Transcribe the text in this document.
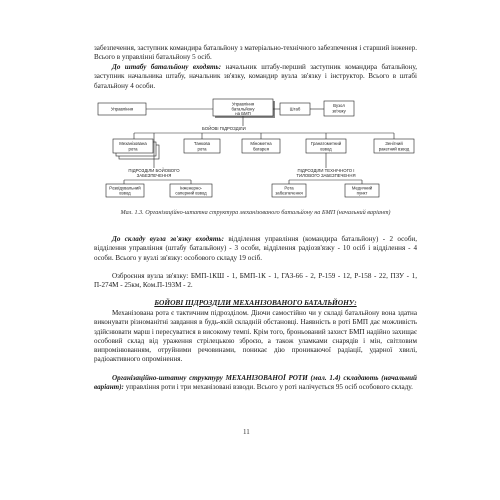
забезпечення, заступник командира батальйону з матеріально-технічного забезпечення і старший інженер. Всього в управлінні батальйону 5 осіб.

До штабу батальйону входять: начальник штабу-перший заступник командира батальйону, заступник начальника штабу, начальник зв'язку, командир вузла зв'язку і інструктор. Всього в штабі батальйону 4 особи.

Управління
Управління
батальйону
на БМП
Штаб
Вузол
зв'язку
БОЙОВІ ПІДРОЗДІЛИ
Механізована
рота
Танкова
рота
Мінометна
батарея
Гранатометний
взвод
Зенітний
ракетний взвод
ПІДРОЗДІЛИ БОЙОВОГО
ЗАБЕЗПЕЧЕННЯ
Розвідувальний
взвод
Інженерно-
саперний взвод
ПІДРОЗДІЛИ ТЕХНІЧНОГО І
ТИЛОВОГО ЗАБЕЗПЕЧЕННЯ
Рота
забезпечення
Медичний
пункт

Мал. 1.3. Організаційно-штатна структура механізованого батальйону на БМП (начальний варіант)

До складу вузла зв'язку входять: відділення управління (командира батальйону) - 2 особи, відділення управління (штабу батальйону) - 3 особи, відділення радіозв'язку - 10 осіб і відділення - 4 особи. Всього у вузлі зв'язку: особового складу 19 осіб.

Озброєння вузла зв'язку: БМП-1КШ - 1, БМП-1К - 1, ГАЗ-66 - 2, Р-159 - 12, Р-158 - 22, ПЗУ - 1, П-274М - 25км, Ком.П-193М - 2.

БОЙОВІ ПІДРОЗДІЛИ МЕХАНІЗОВАНОГО БАТАЛЬЙОНУ:

Механізована рота є тактичним підрозділом. Діючи самостійно чи у складі батальйону вона здатна виконувати різноманітні завдання в будь-якій складній обстановці. Наявність в роті БМП дає можливість здійснювати марш і пересуватися в високому темпі. Крім того, броньований захист БМП надійно захищає особовий склад від ураження стрілецькою зброєю, а також уламками снарядів і мін, світловим випромінюванням, отруйними речовинами, поникає дію проникаючої радіації, ударної хвилі, радіоактивного опромінення.

Організаційно-штатну структуру МЕХАНІЗОВАНОЇ РОТИ (мал. 1.4) складають (начальний варіант): управління роти і три механізовані взводи. Всього у роті налічується 95 осіб особового складу.

11
